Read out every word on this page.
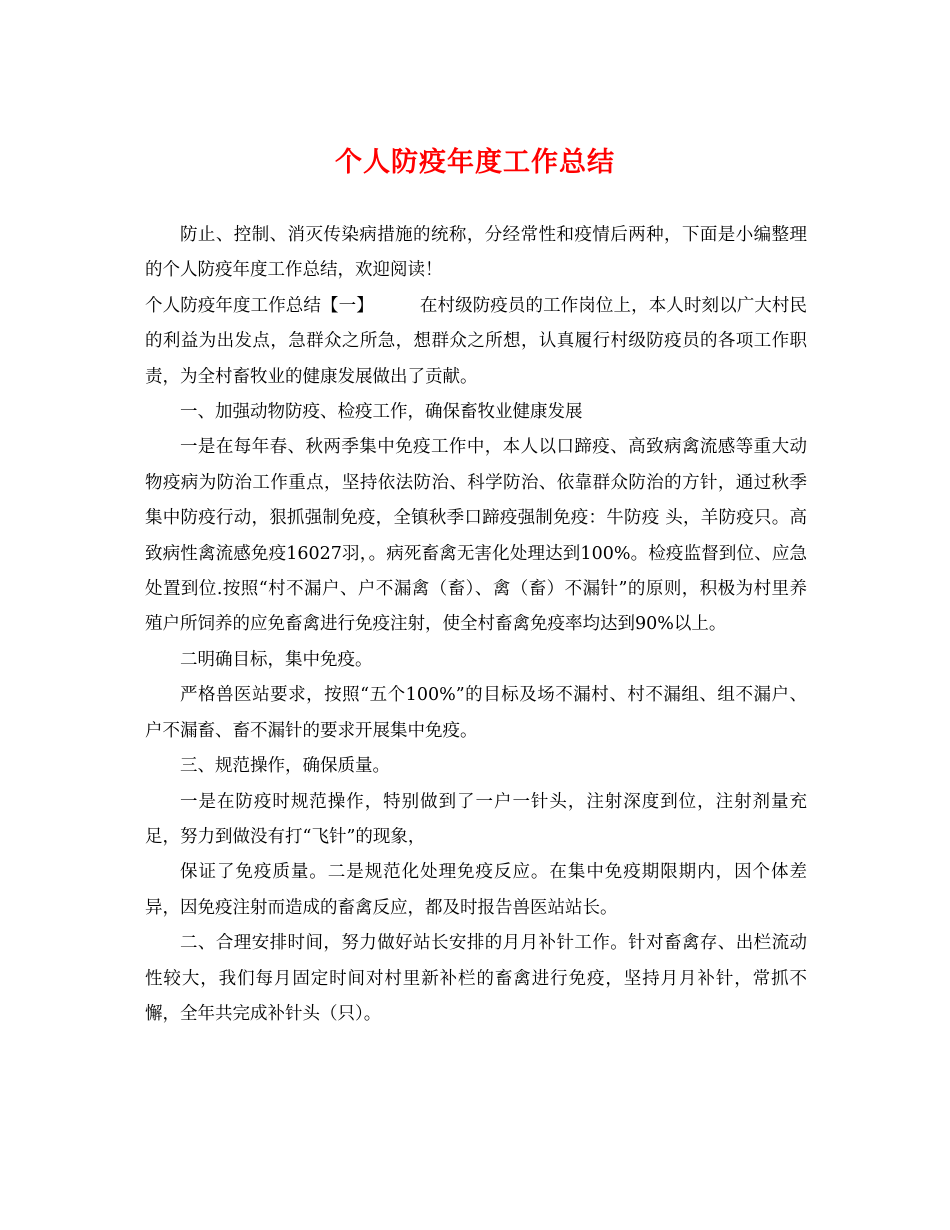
个人防疫年度工作总结

防止、控制、消灭传染病措施的统称，分经常性和疫情后两种，下面是小编整理的个人防疫年度工作总结，欢迎阅读！

个人防疫年度工作总结【一】	在村级防疫员的工作岗位上，本人时刻以广大村民的利益为出发点，急群众之所急，想群众之所想，认真履行村级防疫员的各项工作职责，为全村畜牧业的健康发展做出了贡献。

一、加强动物防疫、检疫工作，确保畜牧业健康发展

一是在每年春、秋两季集中免疫工作中，本人以口蹄疫、高致病禽流感等重大动物疫病为防治工作重点，坚持依法防治、科学防治、依靠群众防治的方针，通过秋季集中防疫行动，狠抓强制免疫，全镇秋季口蹄疫强制免疫：牛防疫 头，羊防疫只。高致病性禽流感免疫16027羽，。病死畜禽无害化处理达到100%。检疫监督到位、应急处置到位.按照“村不漏户、户不漏禽（畜）、禽（畜）不漏针”的原则，积极为村里养殖户所饲养的应免畜禽进行免疫注射，使全村畜禽免疫率均达到90%以上。

二明确目标，集中免疫。

严格兽医站要求，按照“五个100%”的目标及场不漏村、村不漏组、组不漏户、户不漏畜、畜不漏针的要求开展集中免疫。

三、规范操作，确保质量。

一是在防疫时规范操作，特别做到了一户一针头，注射深度到位，注射剂量充足，努力到做没有打“飞针”的现象，

保证了免疫质量。二是规范化处理免疫反应。在集中免疫期限期内，因个体差异，因免疫注射而造成的畜禽反应，都及时报告兽医站站长。

二、合理安排时间，努力做好站长安排的月月补针工作。针对畜禽存、出栏流动性较大，我们每月固定时间对村里新补栏的畜禽进行免疫，坚持月月补针，常抓不懈，全年共完成补针头（只）。
